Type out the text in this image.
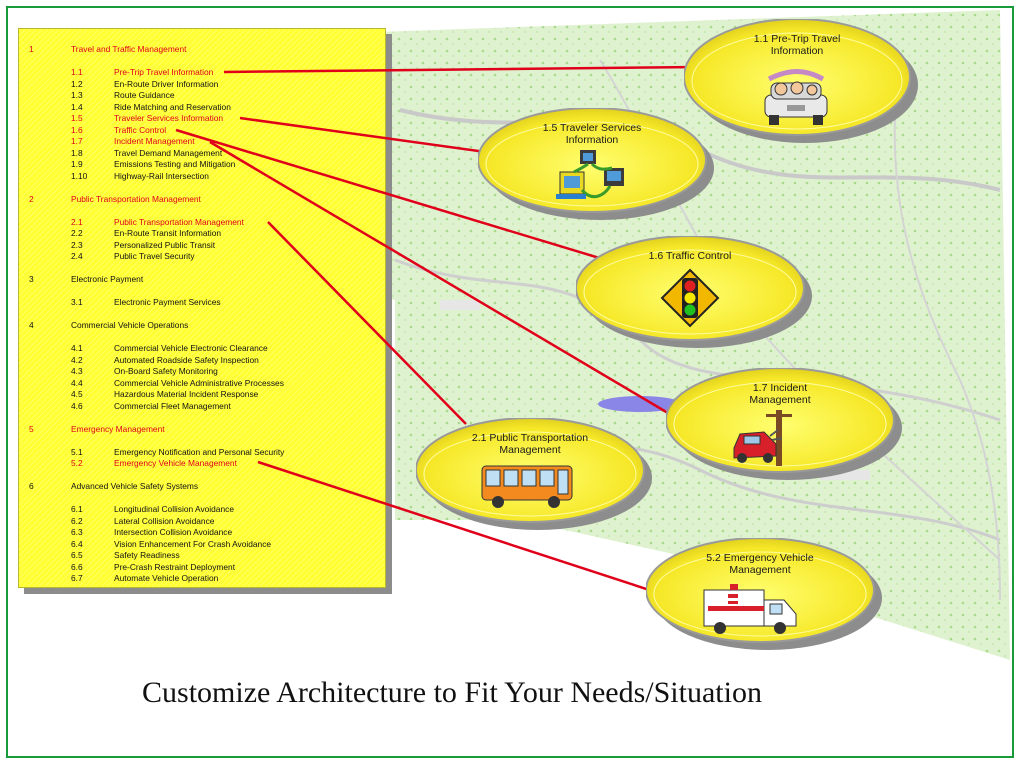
1	Travel and Traffic Management
1.1	Pre-Trip Travel Information
1.2	En-Route Driver Information
1.3	Route Guidance
1.4	Ride Matching and Reservation
1.5	Traveler Services Information
1.6	Traffic Control
1.7	Incident Management
1.8	Travel Demand Management
1.9	Emissions Testing and Mitigation
1.10	Highway-Rail Intersection
2	Public Transportation Management
2.1	Public Transportation Management
2.2	En-Route Transit Information
2.3	Personalized Public Transit
2.4	Public Travel Security
3	Electronic Payment
3.1	Electronic Payment Services
4	Commercial Vehicle Operations
4.1	Commercial Vehicle Electronic Clearance
4.2	Automated Roadside Safety Inspection
4.3	On-Board Safety Monitoring
4.4	Commercial Vehicle Administrative Processes
4.5	Hazardous Material Incident Response
4.6	Commercial Fleet Management
5	Emergency Management
5.1	Emergency Notification and Personal Security
5.2	Emergency Vehicle Management
6	Advanced Vehicle Safety Systems
6.1	Longitudinal Collision Avoidance
6.2	Lateral Collision Avoidance
6.3	Intersection Collision Avoidance
6.4	Vision Enhancement For Crash Avoidance
6.5	Safety Readiness
6.6	Pre-Crash Restraint Deployment
6.7	Automate Vehicle Operation
1.1 Pre-Trip Travel
Information
1.5 Traveler Services
Information
1.6 Traffic Control
1.7 Incident
Management
2.1 Public Transportation
Management
5.2 Emergency Vehicle
Management
Customize Architecture to Fit Your Needs/Situation
